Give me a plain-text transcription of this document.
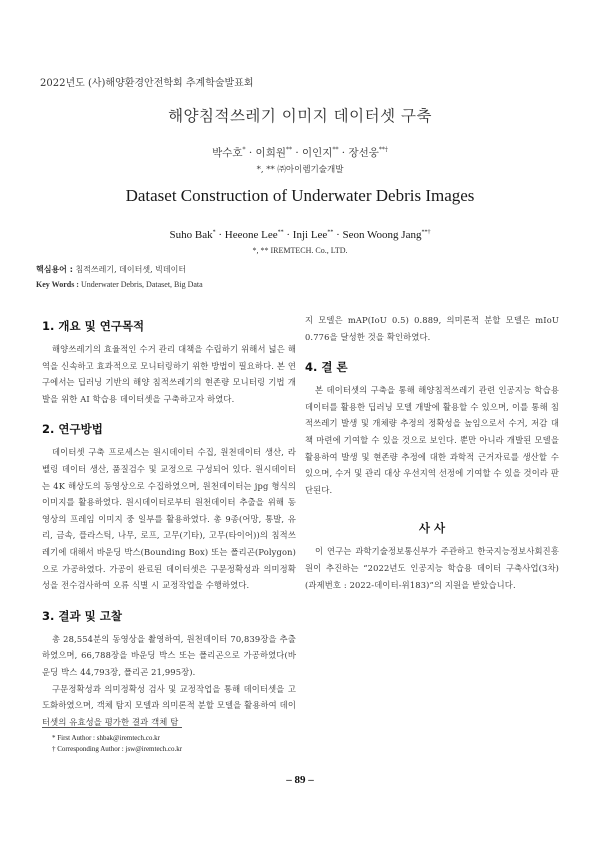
2022년도 (사)해양환경안전학회 추계학술발표회
해양침적쓰레기 이미지 데이터셋 구축
박수호* · 이희원** · 이인지** · 장선웅**†
*, ** ㈜아이렘기술개발
Dataset Construction of Underwater Debris Images
Suho Bak* · Heeone Lee** · Inji Lee** · Seon Woong Jang**†
*, ** IREMTECH. Co., LTD.
핵심용어 : 침적쓰레기, 데이터셋, 빅데이터
Key Words : Underwater Debris, Dataset, Big Data
1. 개요 및 연구목적

해양쓰레기의 효율적인 수거 관리 대책을 수립하기 위해서 넓은 해역을 신속하고 효과적으로 모니터링하기 위한 방법이 필요하다. 본 연구에서는 딥러닝 기반의 해양 침적쓰레기의 현존량 모니터링 기법 개발을 위한 AI 학습용 데이터셋을 구축하고자 하였다.

2. 연구방법

데이터셋 구축 프로세스는 원시데이터 수집, 원천데이터 생산, 라벨링 데이터 생산, 품질검수 및 교정으로 구성되어 있다. 원시데이터는 4K 해상도의 동영상으로 수집하였으며, 원천데이터는 jpg 형식의 이미지를 활용하였다. 원시데이터로부터 원천데이터 추출을 위해 동영상의 프레임 이미지 중 일부를 활용하였다. 총 9종(어망, 통발, 유리, 금속, 플라스틱, 나무, 로프, 고무(기타), 고무(타이어))의 침적쓰레기에 대해서 바운딩 박스(Bounding Box) 또는 폴리곤(Polygon)으로 가공하였다. 가공이 완료된 데이터셋은 구문정확성과 의미정확성을 전수검사하여 오류 식별 시 교정작업을 수행하였다.

3. 결과 및 고찰

총 28,554분의 동영상을 촬영하여, 원천데이터 70,839장을 추출하였으며, 66,788장을 바운딩 박스 또는 폴리곤으로 가공하였다(바운딩 박스 44,793장, 폴리곤 21,995장).

구문정확성과 의미정확성 검사 및 교정작업을 통해 데이터셋을 고도화하였으며, 객체 탐지 모델과 의미론적 분할 모델을 활용하여 데이터셋의 유효성을 평가한 결과 객체 탐

지 모델은 mAP(IoU 0.5) 0.889, 의미론적 분할 모델은 mIoU 0.776을 달성한 것을 확인하였다.

4. 결 론

본 데이터셋의 구축을 통해 해양침적쓰레기 관련 인공지능 학습용 데이터를 활용한 딥러닝 모델 개발에 활용할 수 있으며, 이를 통해 침적쓰레기 발생 및 개체량 추정의 정확성을 높임으로서 수거, 저감 대책 마련에 기여할 수 있을 것으로 보인다. 뿐만 아니라 개발된 모델을 활용하여 발생 및 현존량 추정에 대한 과학적 근거자료를 생산할 수 있으며, 수거 및 관리 대상 우선지역 선정에 기여할 수 있을 것이라 판단된다.

사 사

이 연구는 과학기술정보통신부가 주관하고 한국지능정보사회진흥원이 추진하는 “2022년도 인공지능 학습용 데이터 구축사업(3차)(과제번호 : 2022-데이터-위183)”의 지원을 받았습니다.

* First Author : shbak@iremtech.co.kr
† Corresponding Author : jsw@iremtech.co.kr
– 89 –
